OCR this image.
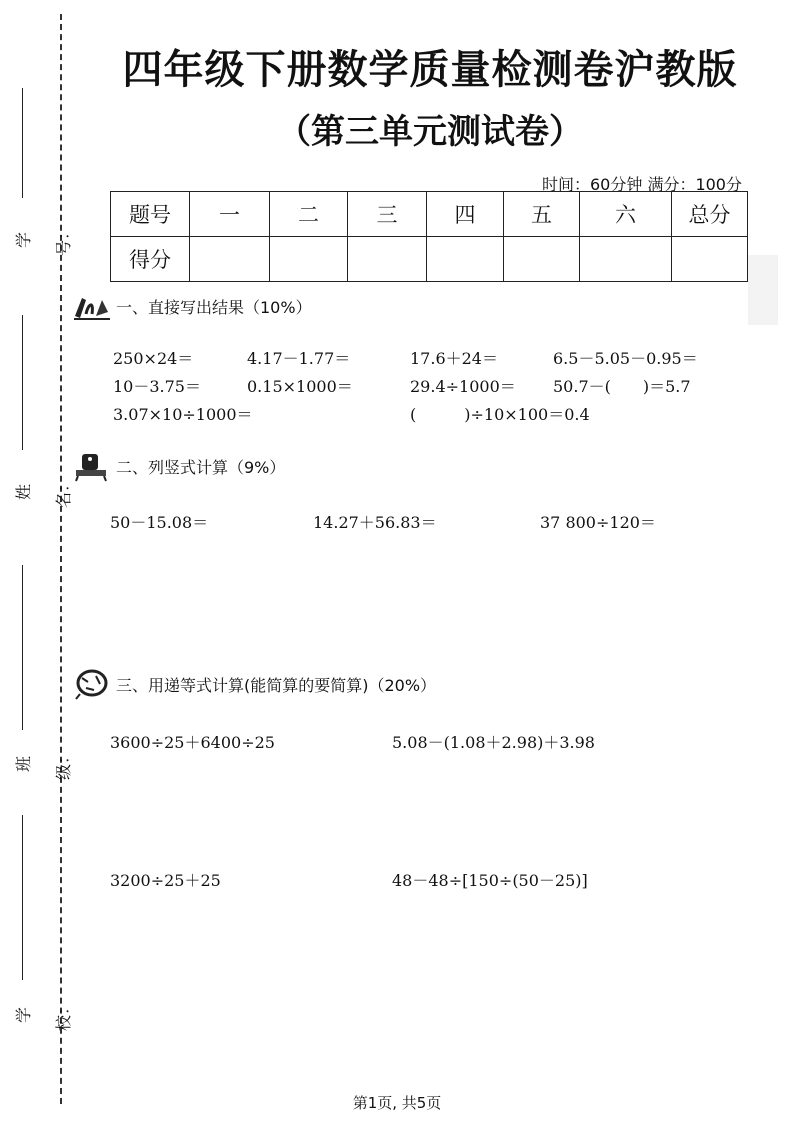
学号：
姓名：
班级：
学校：
四年级下册数学质量检测卷沪教版
（第三单元测试卷）
时间：60分钟 满分：100分
题号	一	二	三	四	五	六	总分
得分							
一、直接写出结果（10%）
250×24＝	4.17－1.77＝	17.6＋24＝	6.5－5.05－0.95＝
10－3.75＝	0.15×1000＝	29.4÷1000＝ 50.7－(　　)＝5.7
3.07×10÷1000＝	(　　　)÷10×100＝0.4
二、列竖式计算（9%）
50－15.08＝	14.27＋56.83＝	37 800÷120＝
三、用递等式计算(能简算的要简算)（20%）
3600÷25＋6400÷25	5.08－(1.08＋2.98)＋3.98
3200÷25＋25	48－48÷[150÷(50－25)]
第1页, 共5页
